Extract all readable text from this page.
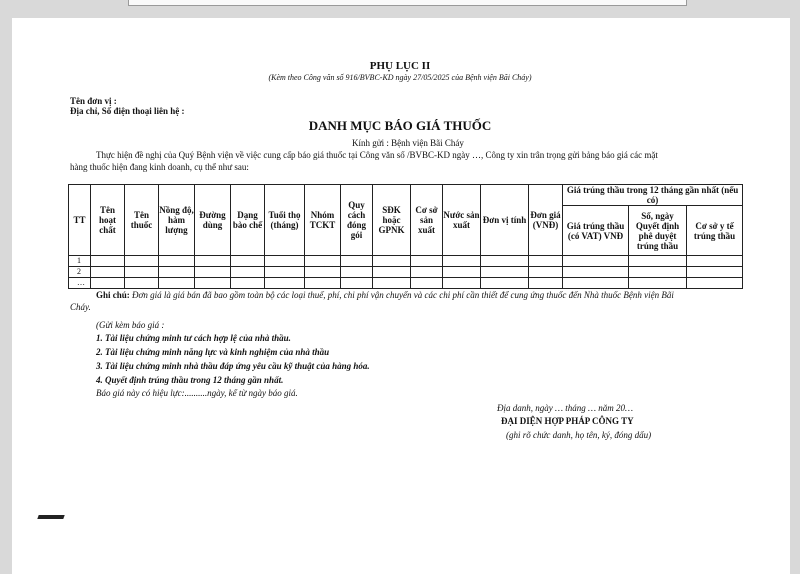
PHỤ LỤC II
(Kèm theo Công văn số 916/BVBC-KD ngày 27/05/2025 của Bệnh viện Bãi Cháy)
Tên đơn vị :
Địa chỉ, Số điện thoại liên hệ :
DANH MỤC BÁO GIÁ THUỐC
Kính gửi : Bệnh viện Bãi Cháy
Thực hiện đề nghị của Quý Bệnh viện về việc cung cấp báo giá thuốc tại Công văn số /BVBC-KD ngày …, Công ty xin trân trọng gửi bảng báo giá các mặt
hàng thuốc hiện đang kinh doanh, cụ thể như sau:
TT	Tên hoạt chất	Tên thuốc	Nồng độ, hàm lượng	Đường dùng	Dạng bào chế	Tuổi thọ (tháng)	Nhóm TCKT	Quy cách đóng gói	SĐK hoặc GPNK	Cơ sở sản xuất	Nước sản xuất	Đơn vị tính	Đơn giá (VNĐ)	Giá trúng thầu trong 12 tháng gần nhất (nếu có)		
														Giá trúng thầu (có VAT) VNĐ	Số, ngày Quyết định phê duyệt trúng thầu	Cơ sở y tế trúng thầu
1																
2																
…																
Ghi chú: Đơn giá là giá bán đã bao gồm toàn bộ các loại thuế, phí, chi phí vận chuyển và các chi phí cần thiết để cung ứng thuốc đến Nhà thuốc Bệnh viện Bãi
Cháy.
(Gửi kèm báo giá :
1. Tài liệu chứng minh tư cách hợp lệ của nhà thầu.
2. Tài liệu chứng minh năng lực và kinh nghiệm của nhà thầu
3. Tài liệu chứng minh nhà thầu đáp ứng yêu cầu kỹ thuật của hàng hóa.
4. Quyết định trúng thầu trong 12 tháng gần nhất.
Báo giá này có hiệu lực:..........ngày, kể từ ngày báo giá.
Địa danh, ngày … tháng … năm 20…
ĐẠI DIỆN HỢP PHÁP CÔNG TY
(ghi rõ chức danh, họ tên, ký, đóng dấu)
